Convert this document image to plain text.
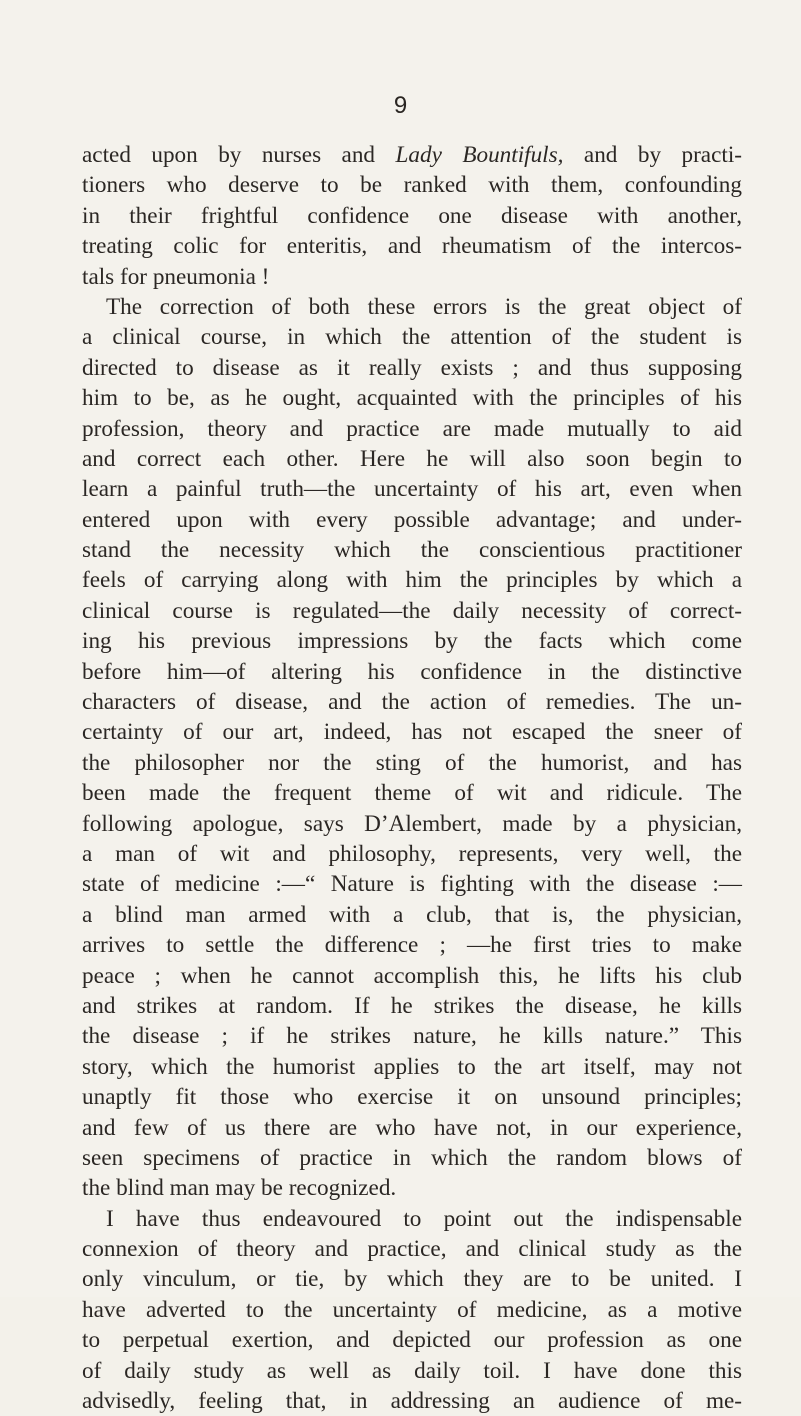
9
acted upon by nurses and Lady Bountifuls, and by practi-
tioners who deserve to be ranked with them, confounding
in their frightful confidence one disease with another,
treating colic for enteritis, and rheumatism of the intercos-
tals for pneumonia !
The correction of both these errors is the great object of
a clinical course, in which the attention of the student is
directed to disease as it really exists ; and thus supposing
him to be, as he ought, acquainted with the principles of his
profession, theory and practice are made mutually to aid
and correct each other. Here he will also soon begin to
learn a painful truth—the uncertainty of his art, even when
entered upon with every possible advantage; and under-
stand the necessity which the conscientious practitioner
feels of carrying along with him the principles by which a
clinical course is regulated—the daily necessity of correct-
ing his previous impressions by the facts which come
before him—of altering his confidence in the distinctive
characters of disease, and the action of remedies. The un-
certainty of our art, indeed, has not escaped the sneer of
the philosopher nor the sting of the humorist, and has
been made the frequent theme of wit and ridicule. The
following apologue, says D’Alembert, made by a physician,
a man of wit and philosophy, represents, very well, the
state of medicine :—“ Nature is fighting with the disease :—
a blind man armed with a club, that is, the physician,
arrives to settle the difference ; —he first tries to make
peace ; when he cannot accomplish this, he lifts his club
and strikes at random. If he strikes the disease, he kills
the disease ; if he strikes nature, he kills nature.” This
story, which the humorist applies to the art itself, may not
unaptly fit those who exercise it on unsound principles;
and few of us there are who have not, in our experience,
seen specimens of practice in which the random blows of
the blind man may be recognized.
I have thus endeavoured to point out the indispensable
connexion of theory and practice, and clinical study as the
only vinculum, or tie, by which they are to be united. I
have adverted to the uncertainty of medicine, as a motive
to perpetual exertion, and depicted our profession as one
of daily study as well as daily toil. I have done this
advisedly, feeling that, in addressing an audience of me-
